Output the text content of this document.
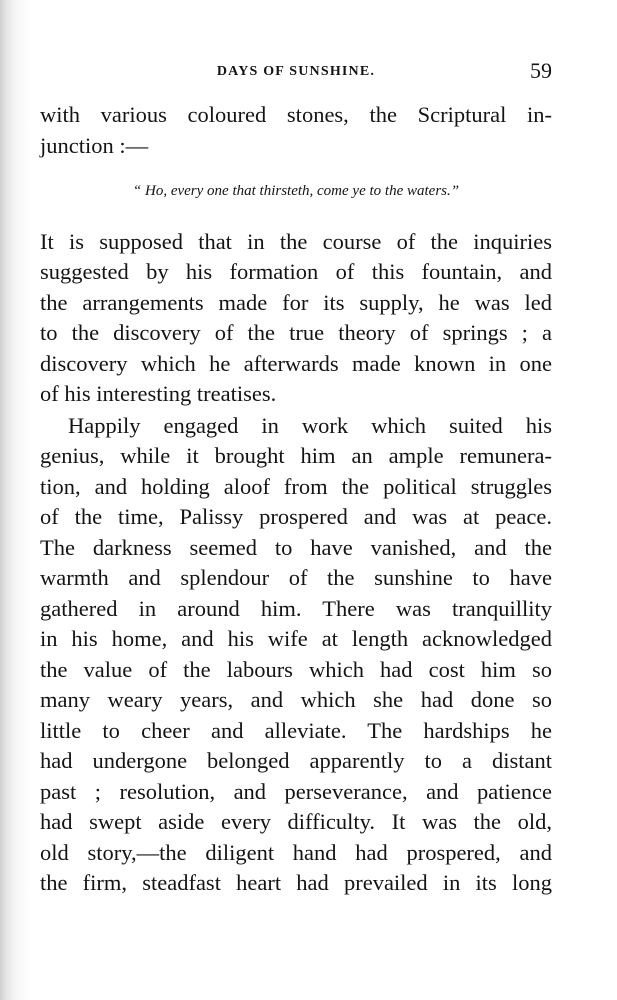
DAYS OF SUNSHINE.	59
with various coloured stones, the Scriptural in-
junction :—
“ Ho, every one that thirsteth, come ye to the waters.”
It is supposed that in the course of the inquiries
suggested by his formation of this fountain, and
the arrangements made for its supply, he was led
to the discovery of the true theory of springs ; a
discovery which he afterwards made known in one
of his interesting treatises.
Happily engaged in work which suited his
genius, while it brought him an ample remunera-
tion, and holding aloof from the political struggles
of the time, Palissy prospered and was at peace.
The darkness seemed to have vanished, and the
warmth and splendour of the sunshine to have
gathered in around him. There was tranquillity
in his home, and his wife at length acknowledged
the value of the labours which had cost him so
many weary years, and which she had done so
little to cheer and alleviate. The hardships he
had undergone belonged apparently to a distant
past ; resolution, and perseverance, and patience
had swept aside every difficulty. It was the old,
old story,—the diligent hand had prospered, and
the firm, steadfast heart had prevailed in its long
